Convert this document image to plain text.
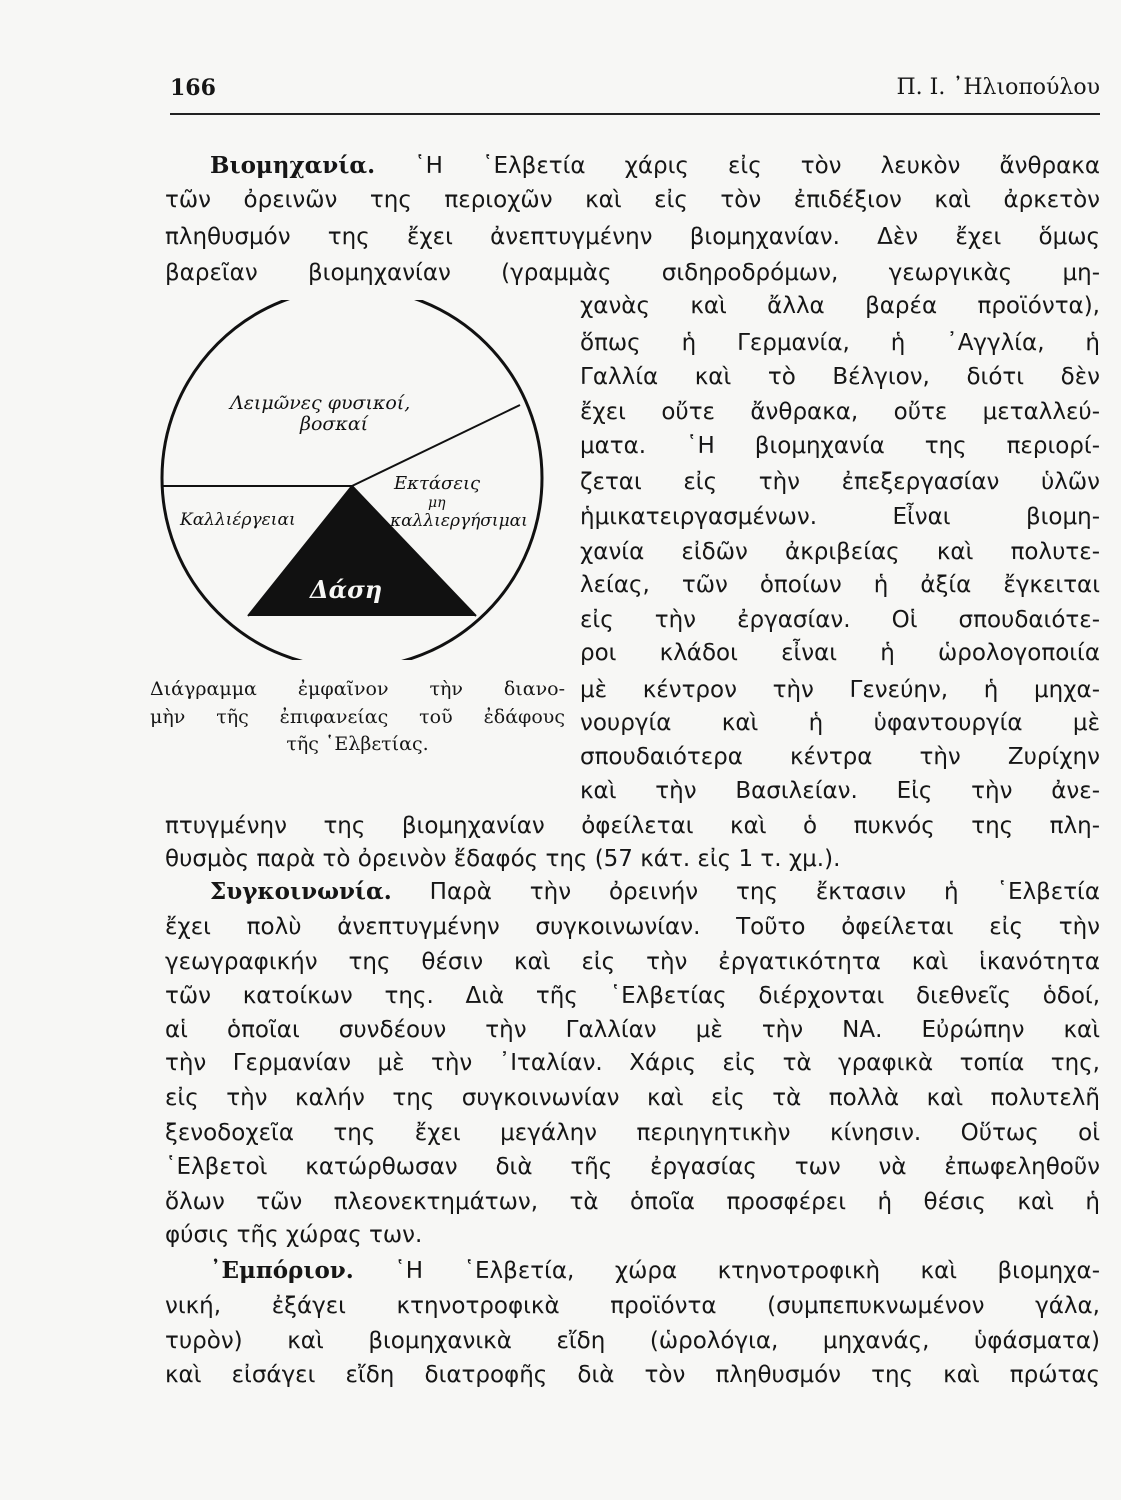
166	Π. Ι. ᾿Ηλιοπούλου
Βιομηχανία. ῾Η ῾Ελβετία χάρις εἰς τὸν λευκὸν ἄνθρακα
τῶν ὀρεινῶν της περιοχῶν καὶ εἰς τὸν ἐπιδέξιον καὶ ἀρκετὸν
πληθυσμόν της ἔχει ἀνεπτυγμένην βιομηχανίαν. Δὲν ἔχει ὅμως
βαρεῖαν βιομηχανίαν (γραμμὰς σιδηροδρόμων, γεωργικὰς μη-
χανὰς καὶ ἄλλα βαρέα προϊόντα),
ὅπως ἡ Γερμανία, ἡ ᾿Αγγλία, ἡ
Γαλλία καὶ τὸ Βέλγιον, διότι δὲν
ἔχει οὔτε ἄνθρακα, οὔτε μεταλλεύ-
ματα. ῾Η βιομηχανία της περιορί-
ζεται εἰς τὴν ἐπεξεργασίαν ὑλῶν
ἡμικατειργασμένων. Εἶναι βιομη-
χανία εἰδῶν ἀκριβείας καὶ πολυτε-
λείας, τῶν ὁποίων ἡ ἀξία ἔγκειται
εἰς τὴν ἐργασίαν. Οἱ σπουδαιότε-
ροι κλάδοι εἶναι ἡ ὡρολογοποιία
μὲ κέντρον τὴν Γενεύην, ἡ μηχα-
νουργία καὶ ἡ ὑφαντουργία μὲ
σπουδαιότερα κέντρα τὴν Ζυρίχην
καὶ τὴν Βασιλείαν. Εἰς τὴν ἀνε-
πτυγμένην της βιομηχανίαν ὀφείλεται καὶ ὁ πυκνός της πλη-
θυσμὸς παρὰ τὸ ὀρεινὸν ἔδαφός της (57 κάτ. εἰς 1 τ. χμ.).
Συγκοινωνία. Παρὰ τὴν ὀρεινήν της ἔκτασιν ἡ ῾Ελβετία
ἔχει πολὺ ἀνεπτυγμένην συγκοινωνίαν. Τοῦτο ὀφείλεται εἰς τὴν
γεωγραφικήν της θέσιν καὶ εἰς τὴν ἐργατικότητα καὶ ἱκανότητα
τῶν κατοίκων της. Διὰ τῆς ῾Ελβετίας διέρχονται διεθνεῖς ὁδοί,
αἱ ὁποῖαι συνδέουν τὴν Γαλλίαν μὲ τὴν ΝΑ. Εὐρώπην καὶ
τὴν Γερμανίαν μὲ τὴν ᾿Ιταλίαν. Χάρις εἰς τὰ γραφικὰ τοπία της,
εἰς τὴν καλήν της συγκοινωνίαν καὶ εἰς τὰ πολλὰ καὶ πολυτελῆ
ξενοδοχεῖα της ἔχει μεγάλην περιηγητικὴν κίνησιν. Οὕτως οἱ
῾Ελβετοὶ κατώρθωσαν διὰ τῆς ἐργασίας των νὰ ἐπωφεληθοῦν
ὅλων τῶν πλεονεκτημάτων, τὰ ὁποῖα προσφέρει ἡ θέσις καὶ ἡ
φύσις τῆς χώρας των.
᾿Εμπόριον. ῾Η ῾Ελβετία, χώρα κτηνοτροφικὴ καὶ βιομηχα-
νική, ἐξάγει κτηνοτροφικὰ προϊόντα (συμπεπυκνωμένον γάλα,
τυρὸν) καὶ βιομηχανικὰ εἴδη (ὡρολόγια, μηχανάς, ὑφάσματα)
καὶ εἰσάγει εἴδη διατροφῆς διὰ τὸν πληθυσμόν της καὶ πρώτας
Λειμῶνες φυσικοί,
βοσκαί
Εκτάσεις
μη
καλλιεργήσιμαι
Δάση
Καλλιέργειαι
Διάγραμμα ἐμφαῖνον τὴν διανο-
μὴν τῆς ἐπιφανείας τοῦ ἐδάφους
τῆς ῾Ελβετίας.
